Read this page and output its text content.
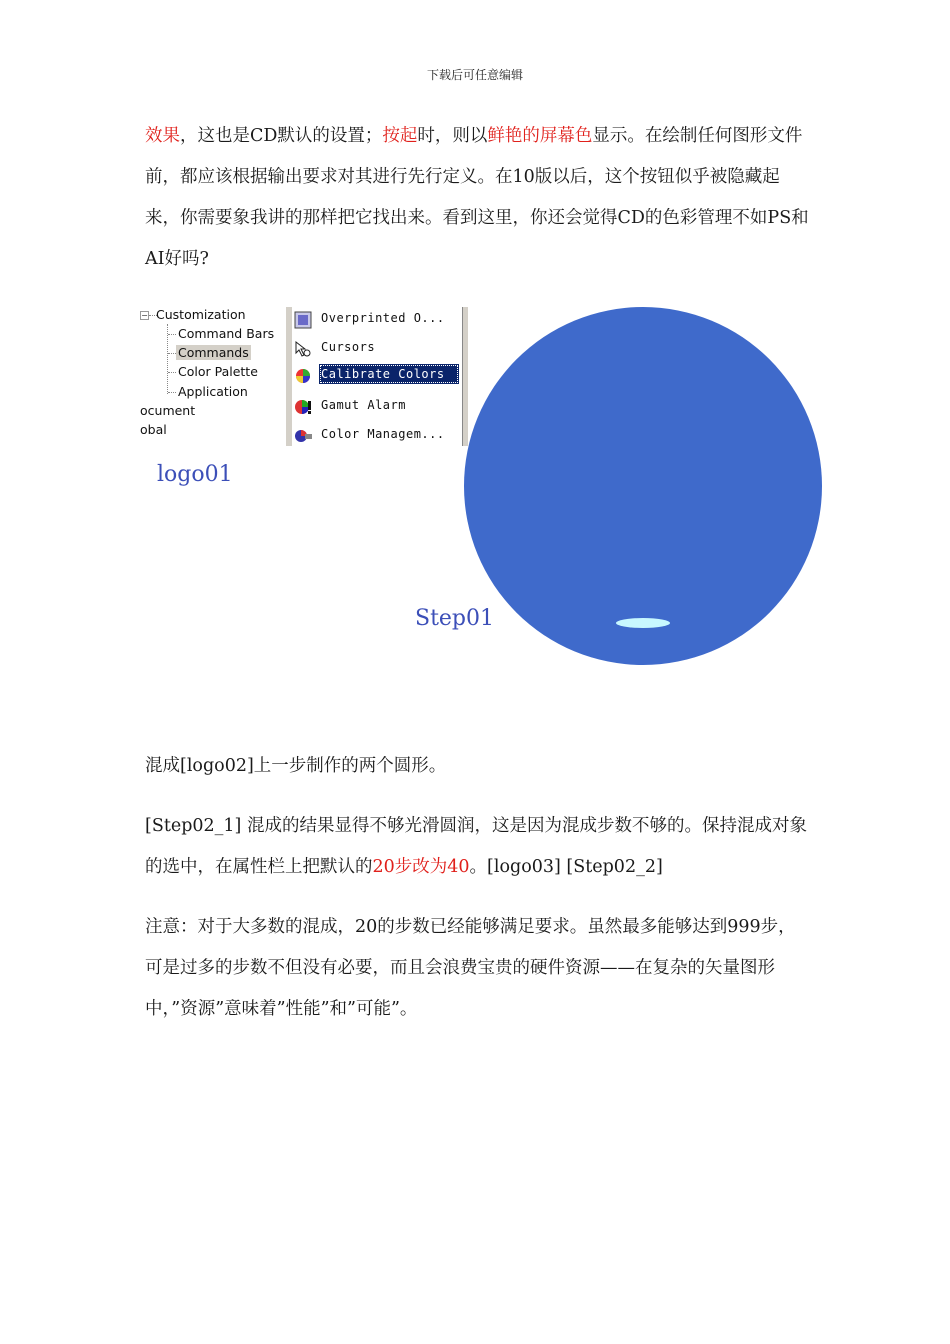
下载后可任意编辑
效果，这也是CD默认的设置；按起时，则以鲜艳的屏幕色显示。在绘制任何图形文件前，都应该根据输出要求对其进行先行定义。在10版以后，这个按钮似乎被隐藏起来，你需要象我讲的那样把它找出来。看到这里，你还会觉得CD的色彩管理不如PS和AI好吗?
− Customization
Command Bars
Commands
Color Palette
Application
ocument
obal
Overprinted O...
Cursors
Calibrate Colors
Gamut Alarm
Color Managem...
logo01
Step01
混成[logo02]上一步制作的两个圆形。
[Step02_1] 混成的结果显得不够光滑圆润，这是因为混成步数不够的。保持混成对象的选中，在属性栏上把默认的20步改为40。[logo03] [Step02_2]
注意：对于大多数的混成，20的步数已经能够满足要求。虽然最多能够达到999步，可是过多的步数不但没有必要，而且会浪费宝贵的硬件资源——在复杂的矢量图形中，”资源”意味着”性能”和”可能”。
